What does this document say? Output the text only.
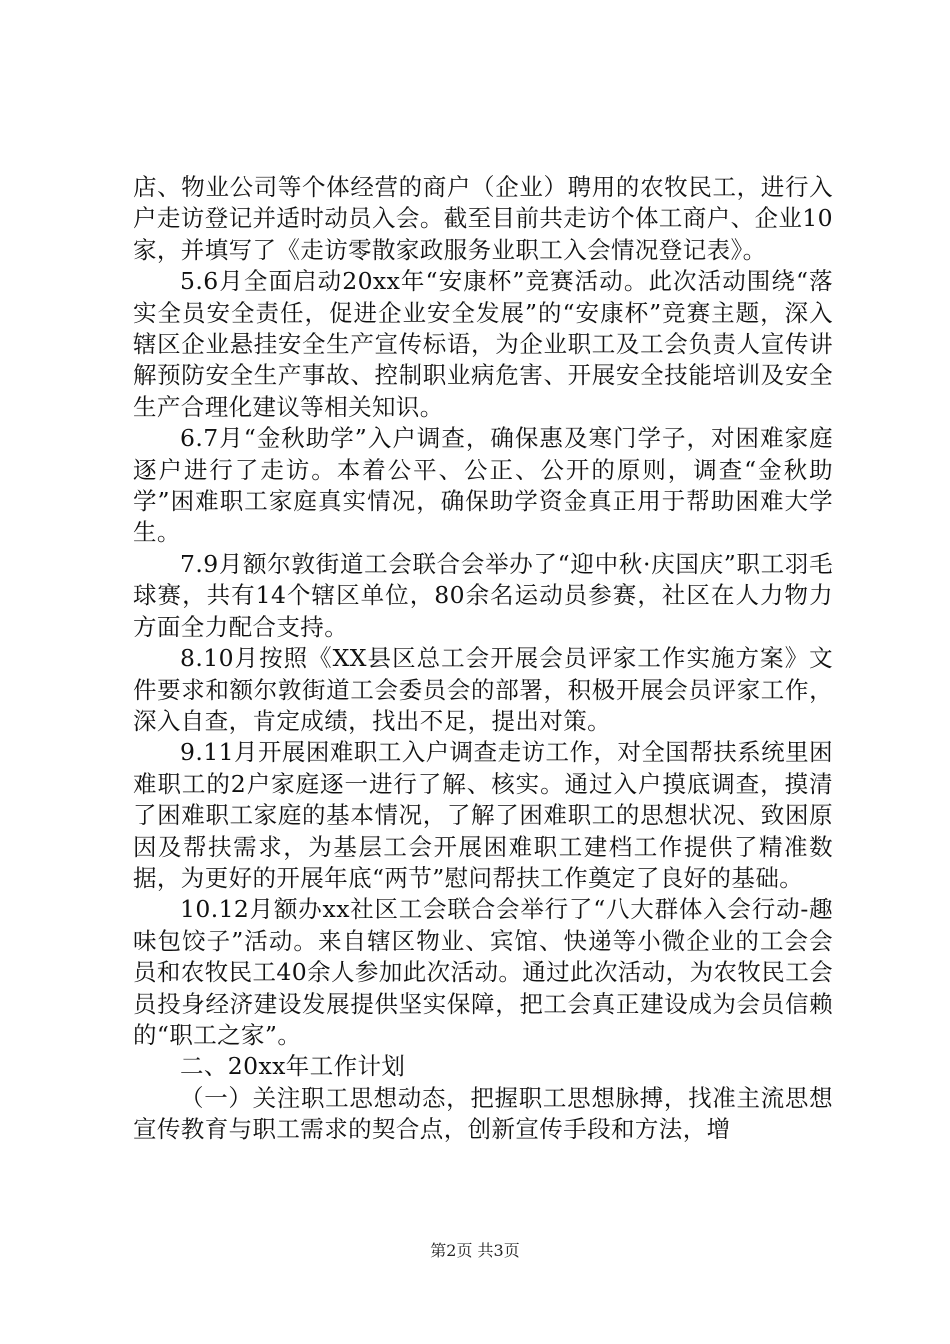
店、物业公司等个体经营的商户（企业）聘用的农牧民工，进行入户走访登记并适时动员入会。截至目前共走访个体工商户、企业10家，并填写了《走访零散家政服务业职工入会情况登记表》。

5.6月全面启动20xx年“安康杯”竞赛活动。此次活动围绕“落实全员安全责任，促进企业安全发展”的“安康杯”竞赛主题，深入辖区企业悬挂安全生产宣传标语，为企业职工及工会负责人宣传讲解预防安全生产事故、控制职业病危害、开展安全技能培训及安全生产合理化建议等相关知识。

6.7月“金秋助学”入户调查，确保惠及寒门学子，对困难家庭逐户进行了走访。本着公平、公正、公开的原则，调查“金秋助学”困难职工家庭真实情况，确保助学资金真正用于帮助困难大学生。

7.9月额尔敦街道工会联合会举办了“迎中秋·庆国庆”职工羽毛球赛，共有14个辖区单位，80余名运动员参赛，社区在人力物力方面全力配合支持。

8.10月按照《XX县区总工会开展会员评家工作实施方案》文件要求和额尔敦街道工会委员会的部署，积极开展会员评家工作，深入自查，肯定成绩，找出不足，提出对策。

9.11月开展困难职工入户调查走访工作，对全国帮扶系统里困难职工的2户家庭逐一进行了解、核实。通过入户摸底调查，摸清了困难职工家庭的基本情况，了解了困难职工的思想状况、致困原因及帮扶需求，为基层工会开展困难职工建档工作提供了精准数据，为更好的开展年底“两节”慰问帮扶工作奠定了良好的基础。

10.12月额办xx社区工会联合会举行了“八大群体入会行动-趣味包饺子”活动。来自辖区物业、宾馆、快递等小微企业的工会会员和农牧民工40余人参加此次活动。通过此次活动，为农牧民工会员投身经济建设发展提供坚实保障，把工会真正建设成为会员信赖的“职工之家”。

二、20xx年工作计划

（一）关注职工思想动态，把握职工思想脉搏，找准主流思想宣传教育与职工需求的契合点，创新宣传手段和方法，增

第2页 共3页
